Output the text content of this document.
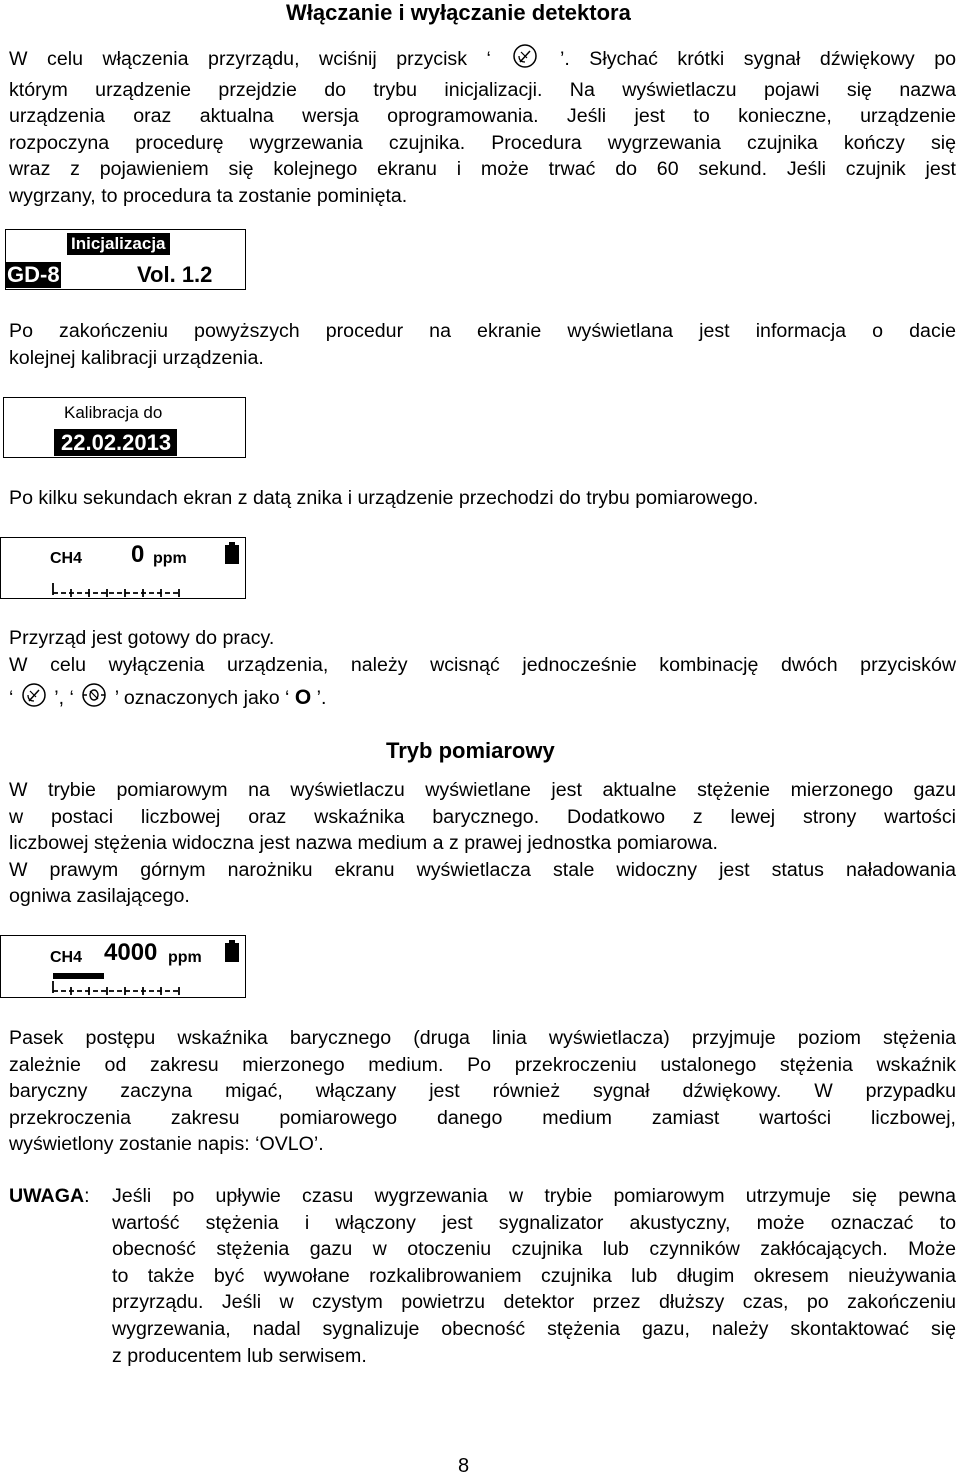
Włączanie i wyłączanie detektora
W celu włączenia przyrządu, wciśnij przycisk ‘	’. Słychać krótki sygnał dźwiękowy po
którym urządzenie przejdzie do trybu inicjalizacji. Na wyświetlaczu pojawi się nazwa
urządzenia oraz aktualna wersja oprogramowania. Jeśli jest to konieczne, urządzenie
rozpoczyna procedurę wygrzewania czujnika. Procedura wygrzewania czujnika kończy się
wraz z pojawieniem się kolejnego ekranu i może trwać do 60 sekund. Jeśli czujnik jest
wygrzany, to procedura ta zostanie pominięta.
Inicjalizacja
GD-8	Vol. 1.2
Po zakończeniu powyższych procedur na ekranie wyświetlana jest informacja o dacie
kolejnej kalibracji urządzenia.
Kalibracja do
22.02.2013
Po kilku sekundach ekran z datą znika i urządzenie przechodzi do trybu pomiarowego.
CH4 0 ppm
Przyrząd jest gotowy do pracy.
W celu wyłączenia urządzenia, należy wcisnąć jednocześnie kombinację dwóch przycisków
‘ ’, ‘ ’ oznaczonych jako ‘ O ’.
Tryb pomiarowy
W trybie pomiarowym na wyświetlaczu wyświetlane jest aktualne stężenie mierzonego gazu
w postaci liczbowej oraz wskaźnika barycznego. Dodatkowo z lewej strony wartości
liczbowej stężenia widoczna jest nazwa medium a z prawej jednostka pomiarowa.
W prawym górnym narożniku ekranu wyświetlacza stale widoczny jest status naładowania
ogniwa zasilającego.
CH4 4000 ppm
Pasek postępu wskaźnika barycznego (druga linia wyświetlacza) przyjmuje poziom stężenia
zależnie od zakresu mierzonego medium. Po przekroczeniu ustalonego stężenia wskaźnik
baryczny zaczyna migać, włączany jest również sygnał dźwiękowy. W przypadku
przekroczenia zakresu pomiarowego danego medium zamiast wartości liczbowej,
wyświetlony zostanie napis: ‘OVLO’.
UWAGA: Jeśli po upływie czasu wygrzewania w trybie pomiarowym utrzymuje się pewna
wartość stężenia i włączony jest sygnalizator akustyczny, może oznaczać to
obecność stężenia gazu w otoczeniu czujnika lub czynników zakłócających. Może
to także być wywołane rozkalibrowaniem czujnika lub długim okresem nieużywania
przyrządu. Jeśli w czystym powietrzu detektor przez dłuższy czas, po zakończeniu
wygrzewania, nadal sygnalizuje obecność stężenia gazu, należy skontaktować się
z producentem lub serwisem.
8
